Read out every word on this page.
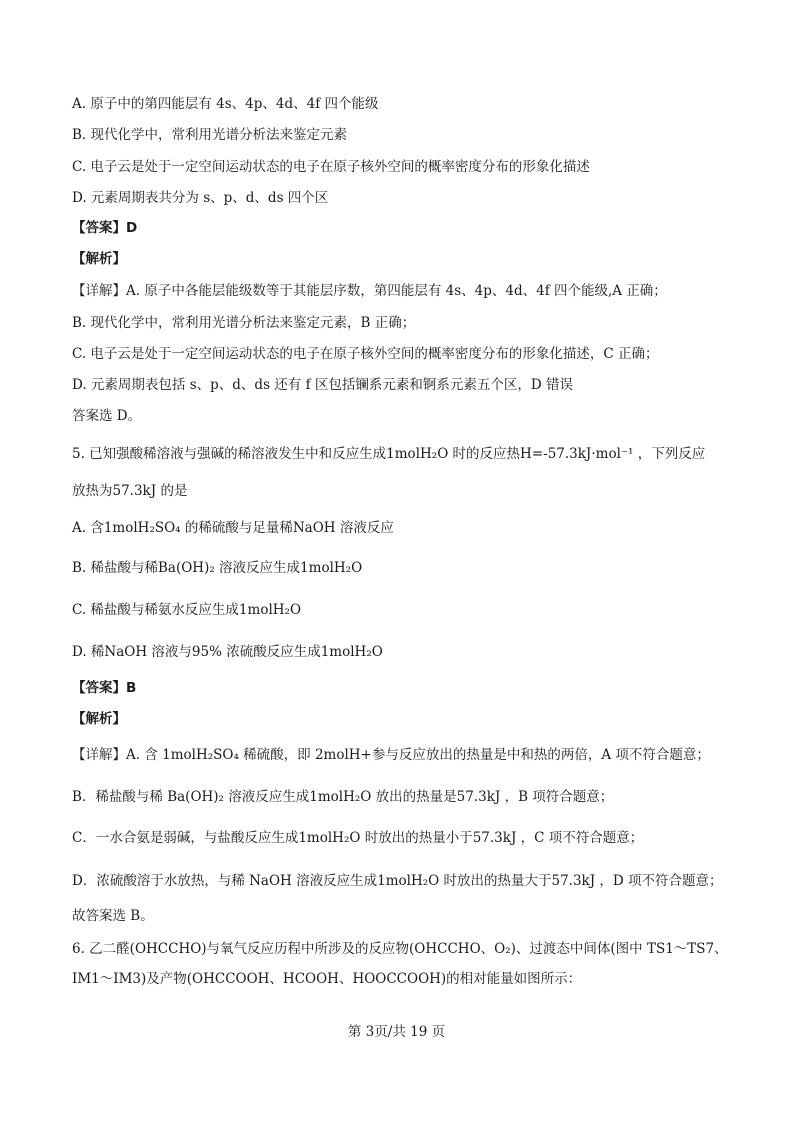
A. 原子中的第四能层有 4s、4p、4d、4f 四个能级
B. 现代化学中，常利用光谱分析法来鉴定元素
C. 电子云是处于一定空间运动状态的电子在原子核外空间的概率密度分布的形象化描述
D. 元素周期表共分为 s、p、d、ds 四个区
【答案】D
【解析】
【详解】A. 原子中各能层能级数等于其能层序数，第四能层有 4s、4p、4d、4f 四个能级,A 正确；
B. 现代化学中，常利用光谱分析法来鉴定元素，B 正确；
C. 电子云是处于一定空间运动状态的电子在原子核外空间的概率密度分布的形象化描述，C 正确；
D. 元素周期表包括 s、p、d、ds 还有 f 区包括镧系元素和锕系元素五个区，D 错误
答案选 D。
5. 已知强酸稀溶液与强碱的稀溶液发生中和反应生成1molH₂O 时的反应热H=-57.3kJ·mol⁻¹ ，下列反应
放热为57.3kJ 的是
A. 含1molH₂SO₄ 的稀硫酸与足量稀NaOH 溶液反应
B. 稀盐酸与稀Ba(OH)₂ 溶液反应生成1molH₂O
C. 稀盐酸与稀氨水反应生成1molH₂O
D. 稀NaOH 溶液与95% 浓硫酸反应生成1molH₂O
【答案】B
【解析】
【详解】A. 含 1molH₂SO₄ 稀硫酸，即 2molH+参与反应放出的热量是中和热的两倍，A 项不符合题意；
B．稀盐酸与稀 Ba(OH)₂ 溶液反应生成1molH₂O 放出的热量是57.3kJ ，B 项符合题意；
C．一水合氨是弱碱，与盐酸反应生成1molH₂O 时放出的热量小于57.3kJ ，C 项不符合题意；
D．浓硫酸溶于水放热，与稀 NaOH 溶液反应生成1molH₂O 时放出的热量大于57.3kJ ，D 项不符合题意；
故答案选 B。
6. 乙二醛(OHCCHO)与氧气反应历程中所涉及的反应物(OHCCHO、O₂)、过渡态中间体(图中 TS1～TS7、
IM1～IM3)及产物(OHCCOOH、HCOOH、HOOCCOOH)的相对能量如图所示：
第 3页/共 19 页
